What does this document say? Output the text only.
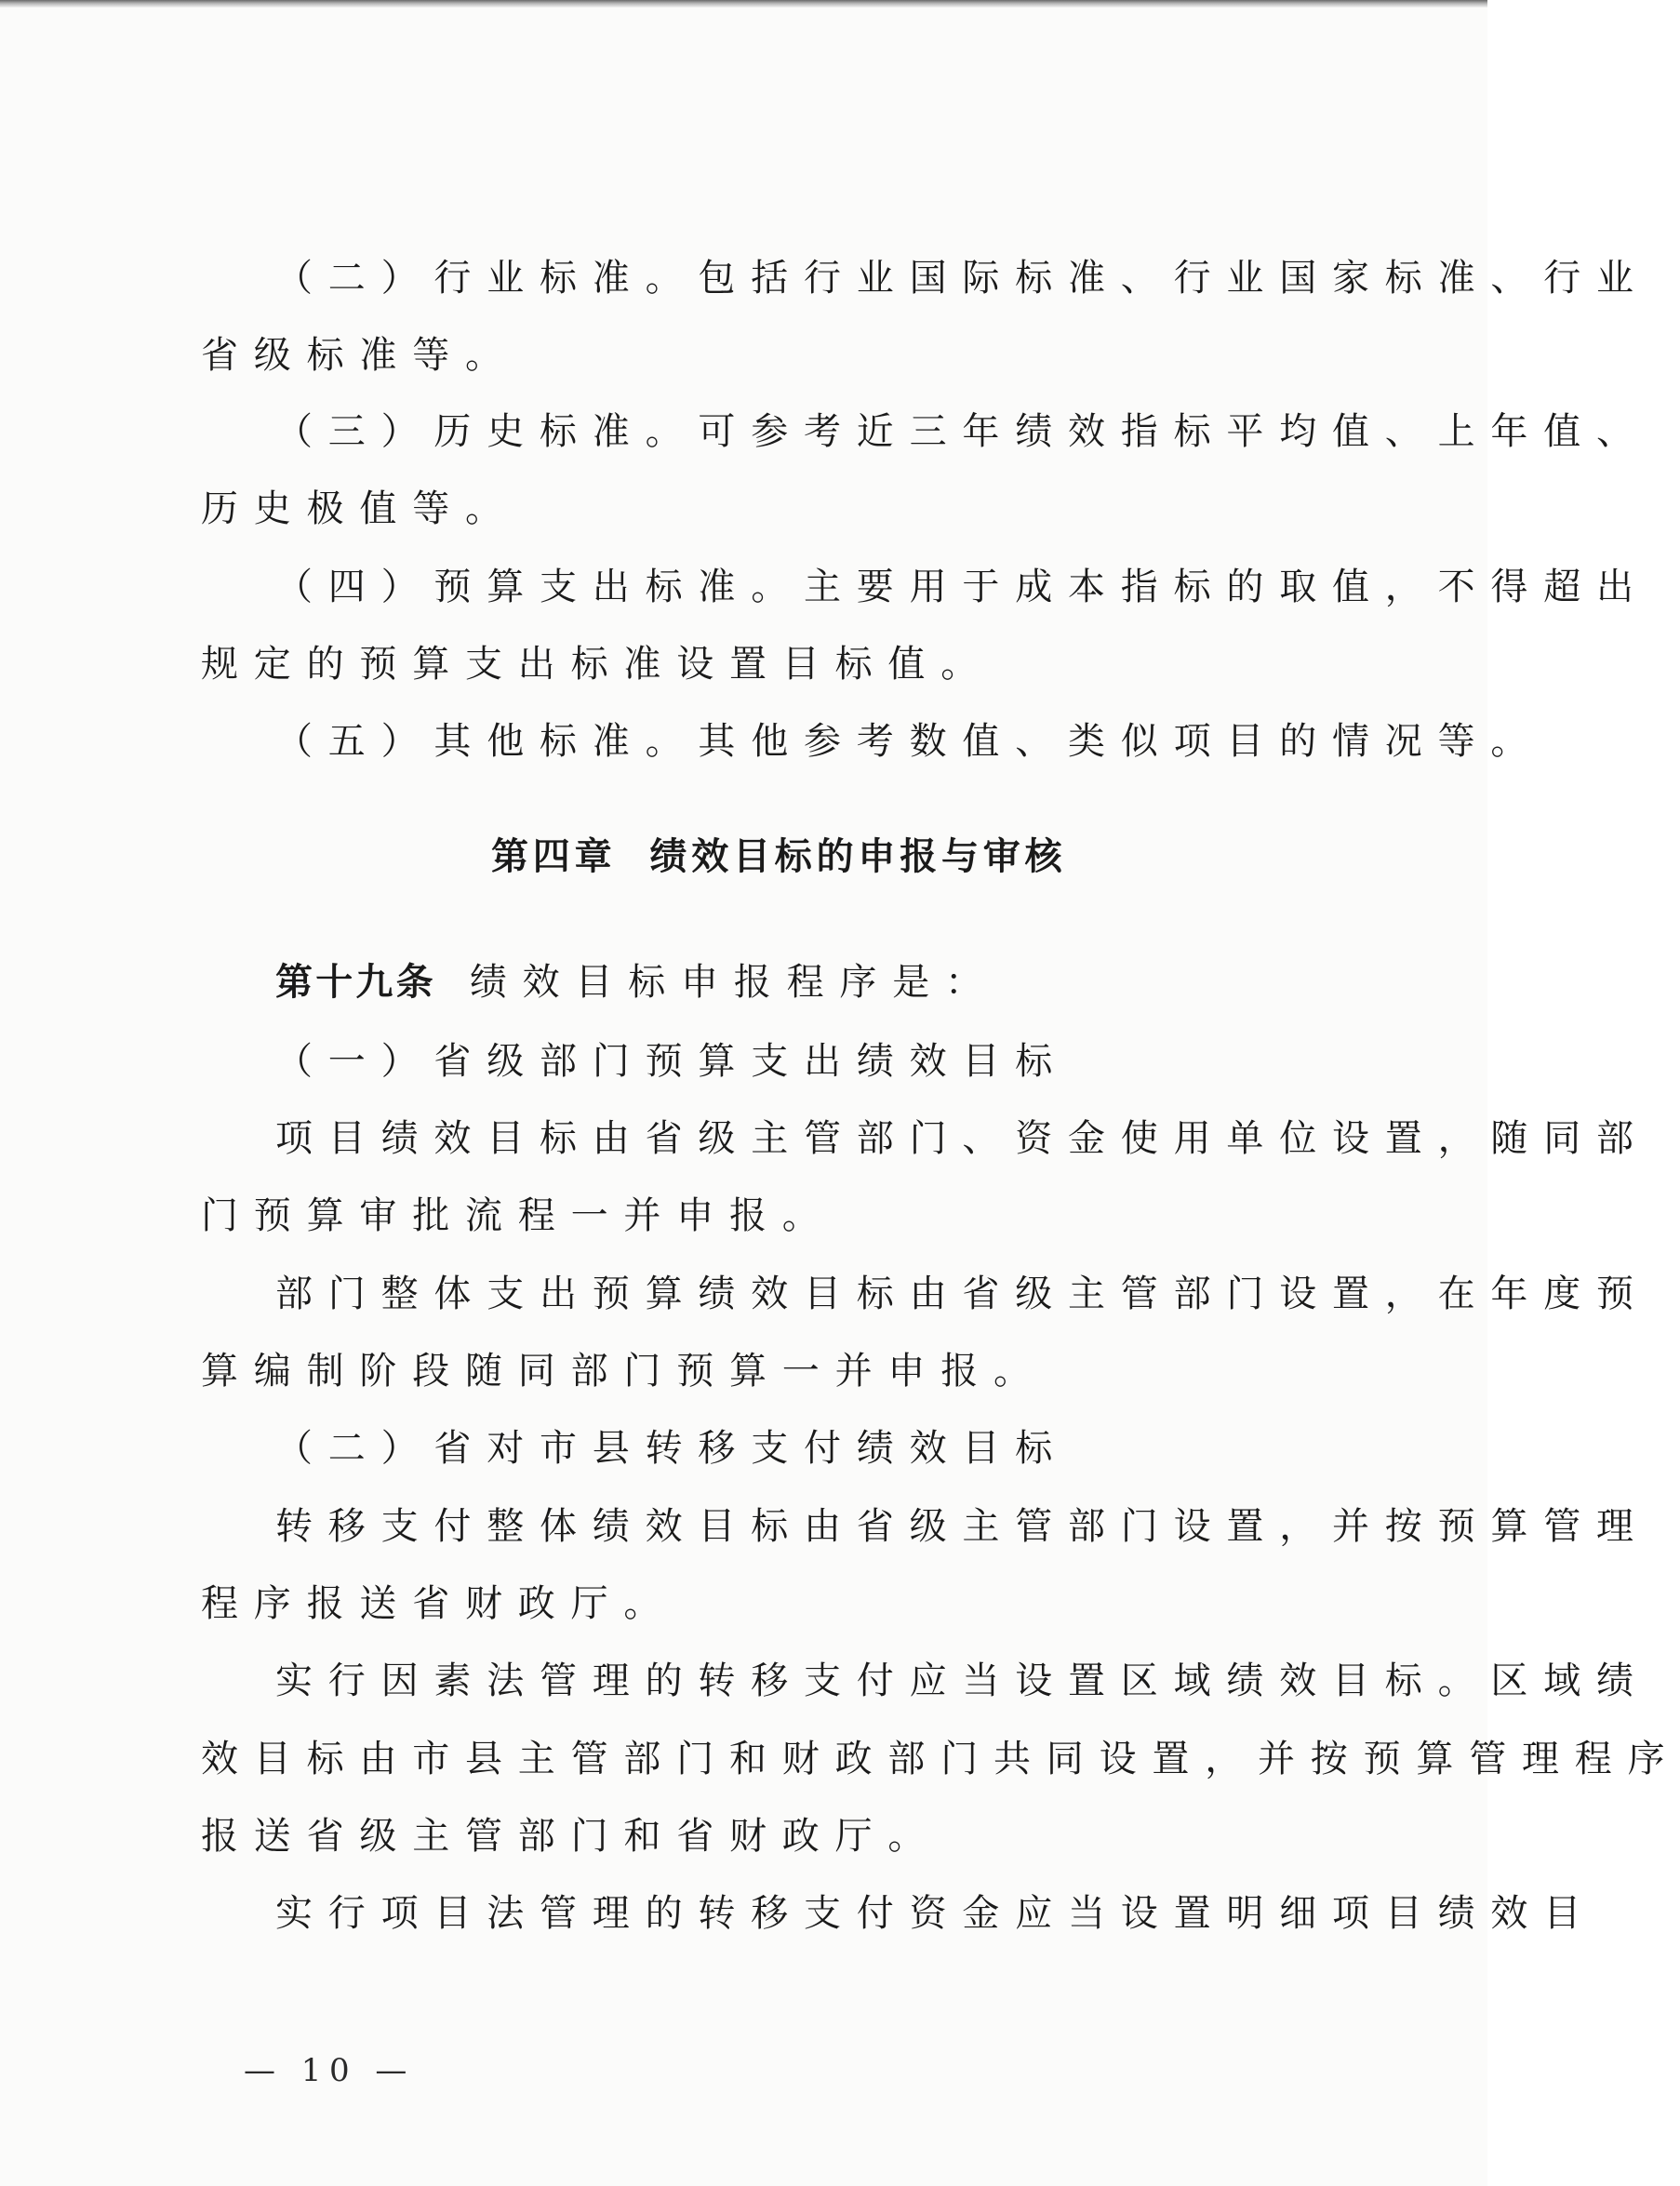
（二）行业标准。包括行业国际标准、行业国家标准、行业
省级标准等。
（三）历史标准。可参考近三年绩效指标平均值、上年值、
历史极值等。
（四）预算支出标准。主要用于成本指标的取值，不得超出
规定的预算支出标准设置目标值。
（五）其他标准。其他参考数值、类似项目的情况等。
第四章 绩效目标的申报与审核
第十九条 绩效目标申报程序是：
（一）省级部门预算支出绩效目标
项目绩效目标由省级主管部门、资金使用单位设置，随同部
门预算审批流程一并申报。
部门整体支出预算绩效目标由省级主管部门设置，在年度预
算编制阶段随同部门预算一并申报。
（二）省对市县转移支付绩效目标
转移支付整体绩效目标由省级主管部门设置，并按预算管理
程序报送省财政厅。
实行因素法管理的转移支付应当设置区域绩效目标。区域绩
效目标由市县主管部门和财政部门共同设置，并按预算管理程序
报送省级主管部门和省财政厅。
实行项目法管理的转移支付资金应当设置明细项目绩效目
— 10 —
